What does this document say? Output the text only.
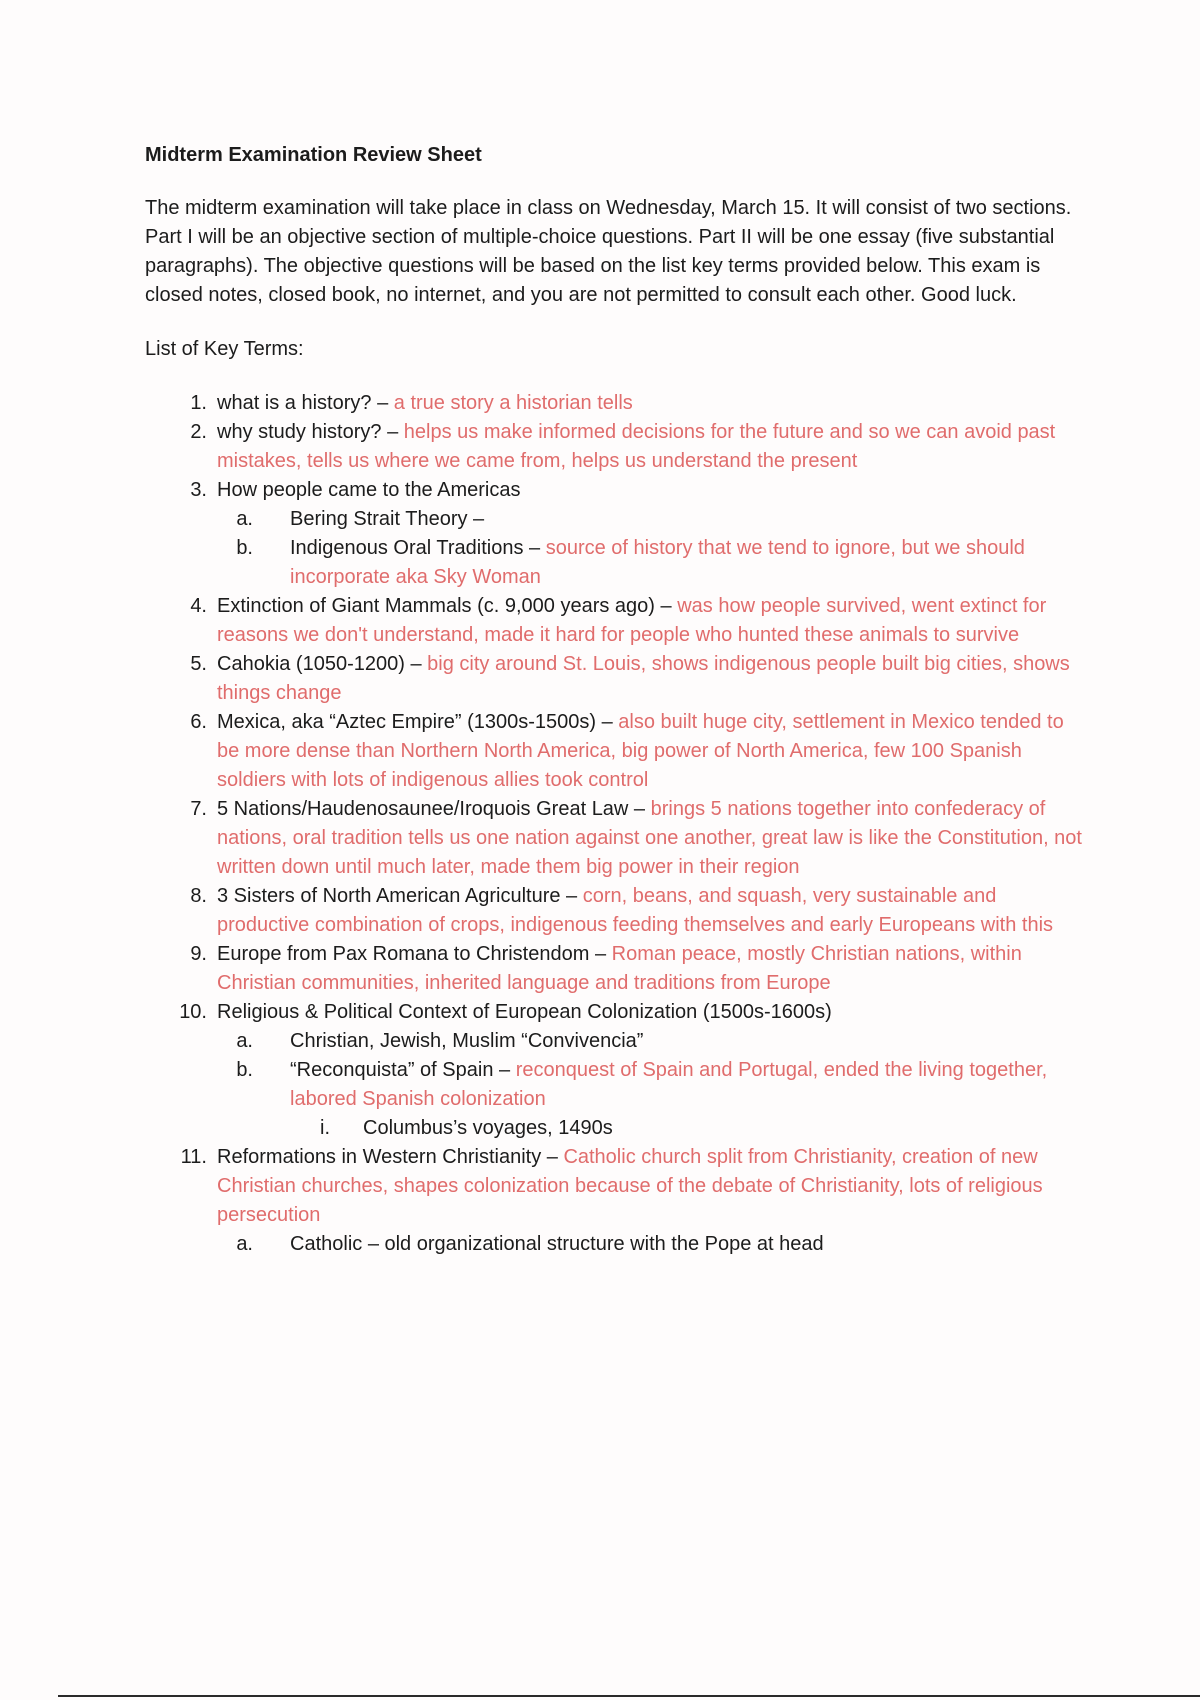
Midterm Examination Review Sheet
The midterm examination will take place in class on Wednesday, March 15. It will consist of two sections. Part I will be an objective section of multiple-choice questions. Part II will be one essay (five substantial paragraphs). The objective questions will be based on the list key terms provided below. This exam is closed notes, closed book, no internet, and you are not permitted to consult each other. Good luck.
List of Key Terms:
1. what is a history? – a true story a historian tells
2. why study history? – helps us make informed decisions for the future and so we can avoid past mistakes, tells us where we came from, helps us understand the present
3. How people came to the Americas
a. Bering Strait Theory –
b. Indigenous Oral Traditions – source of history that we tend to ignore, but we should incorporate aka Sky Woman
4. Extinction of Giant Mammals (c. 9,000 years ago) – was how people survived, went extinct for reasons we don't understand, made it hard for people who hunted these animals to survive
5. Cahokia (1050-1200) – big city around St. Louis, shows indigenous people built big cities, shows things change
6. Mexica, aka “Aztec Empire” (1300s-1500s) – also built huge city, settlement in Mexico tended to be more dense than Northern North America, big power of North America, few 100 Spanish soldiers with lots of indigenous allies took control
7. 5 Nations/Haudenosaunee/Iroquois Great Law – brings 5 nations together into confederacy of nations, oral tradition tells us one nation against one another, great law is like the Constitution, not written down until much later, made them big power in their region
8. 3 Sisters of North American Agriculture – corn, beans, and squash, very sustainable and productive combination of crops, indigenous feeding themselves and early Europeans with this
9. Europe from Pax Romana to Christendom – Roman peace, mostly Christian nations, within Christian communities, inherited language and traditions from Europe
10. Religious & Political Context of European Colonization (1500s-1600s)
a. Christian, Jewish, Muslim “Convivencia”
b. “Reconquista” of Spain – reconquest of Spain and Portugal, ended the living together, labored Spanish colonization
i. Columbus’s voyages, 1490s
11. Reformations in Western Christianity – Catholic church split from Christianity, creation of new Christian churches, shapes colonization because of the debate of Christianity, lots of religious persecution
a. Catholic – old organizational structure with the Pope at head
